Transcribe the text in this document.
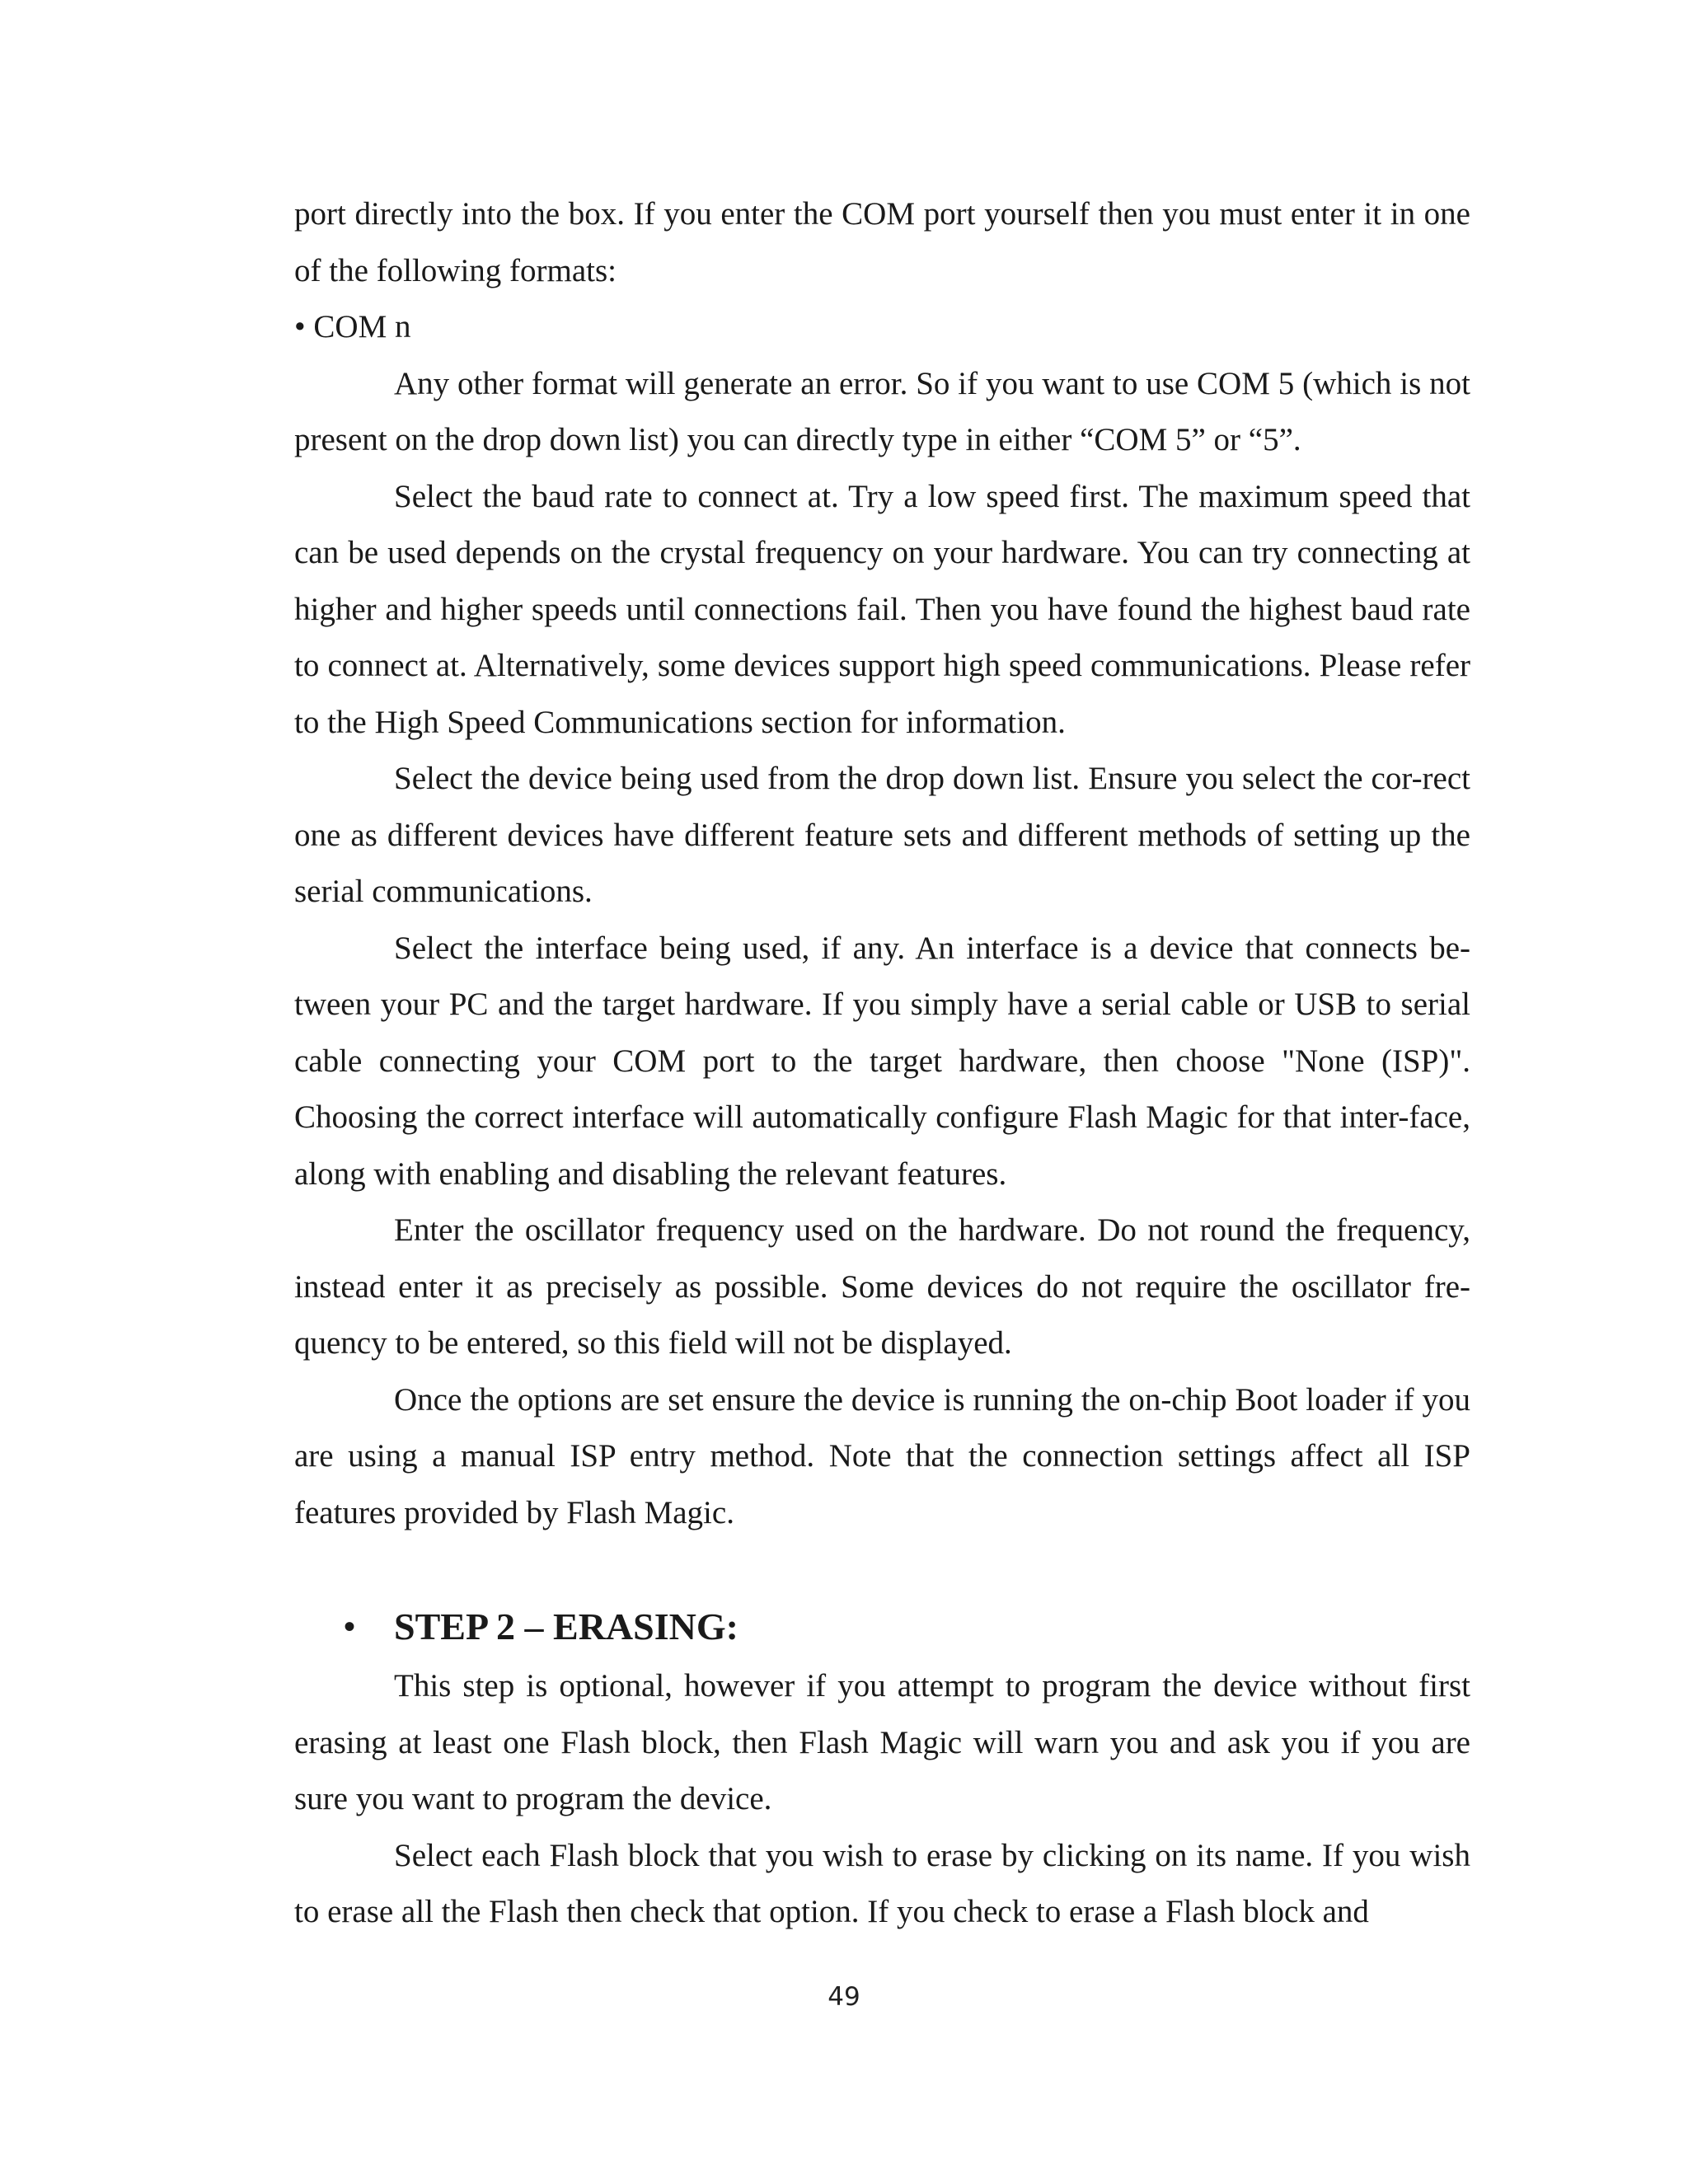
port directly into the box. If you enter the COM port yourself then you must enter it in one of the following formats:

• COM n

Any other format will generate an error. So if you want to use COM 5 (which is not present on the drop down list) you can directly type in either “COM 5” or “5”.

Select the baud rate to connect at. Try a low speed first. The maximum speed that can be used depends on the crystal frequency on your hardware. You can try connecting at higher and higher speeds until connections fail. Then you have found the highest baud rate to connect at. Alternatively, some devices support high speed communications. Please refer to the High Speed Communications section for information.

Select the device being used from the drop down list. Ensure you select the cor-rect one as different devices have different feature sets and different methods of setting up the serial communications.

Select the interface being used, if any. An interface is a device that connects be-tween your PC and the target hardware. If you simply have a serial cable or USB to serial cable connecting your COM port to the target hardware, then choose "None (ISP)". Choosing the correct interface will automatically configure Flash Magic for that inter-face, along with enabling and disabling the relevant features.

Enter the oscillator frequency used on the hardware. Do not round the frequency, instead enter it as precisely as possible. Some devices do not require the oscillator fre-quency to be entered, so this field will not be displayed.

Once the options are set ensure the device is running the on-chip Boot loader if you are using a manual ISP entry method. Note that the connection settings affect all ISP features provided by Flash Magic.

• STEP 2 – ERASING:

This step is optional, however if you attempt to program the device without first erasing at least one Flash block, then Flash Magic will warn you and ask you if you are sure you want to program the device.

Select each Flash block that you wish to erase by clicking on its name. If you wish to erase all the Flash then check that option. If you check to erase a Flash block and

49
